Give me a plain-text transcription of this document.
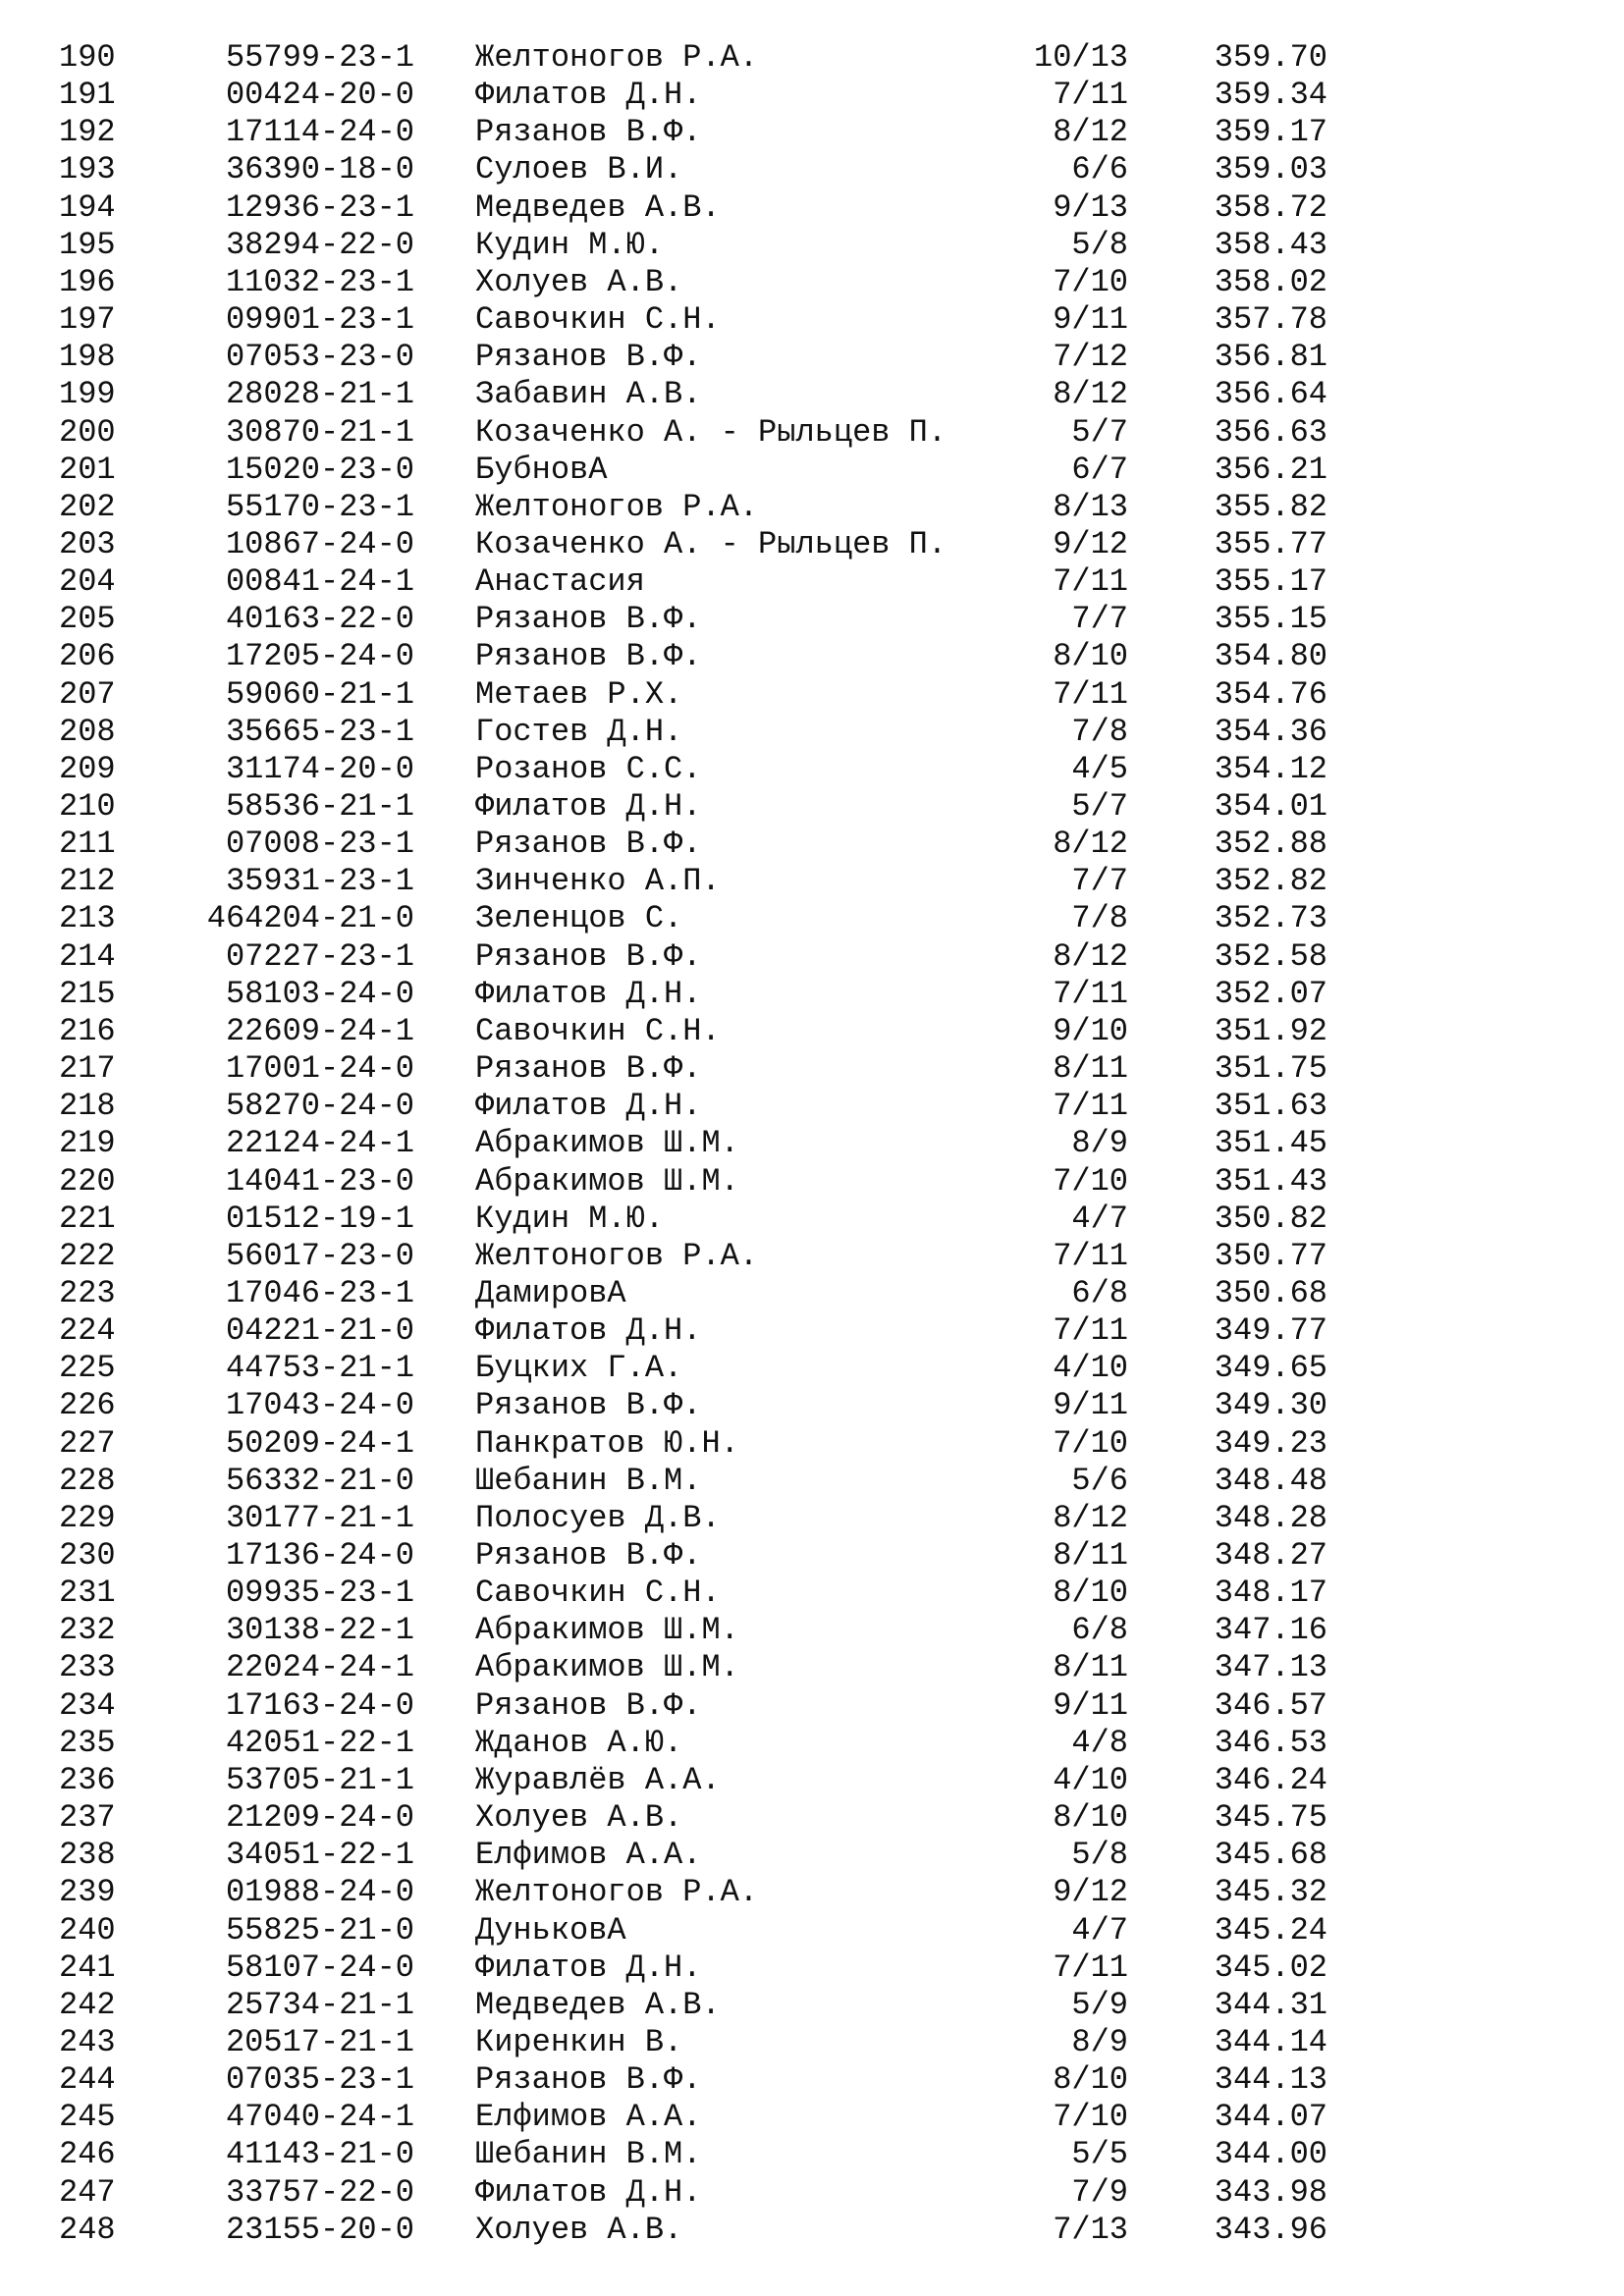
190	55799-23-1 Желтоногов Р.А.	10/13	359.70
191	00424-20-0 Филатов Д.Н.	7/11	359.34
192	17114-24-0 Рязанов В.Ф.	8/12	359.17
193	36390-18-0 Сулоев В.И.	6/6	359.03
194	12936-23-1 Медведев А.В.	9/13	358.72
195	38294-22-0 Кудин М.Ю.	5/8	358.43
196	11032-23-1 Холуев А.В.	7/10	358.02
197	09901-23-1 Савочкин С.Н.	9/11	357.78
198	07053-23-0 Рязанов В.Ф.	7/12	356.81
199	28028-21-1 Забавин А.В.	8/12	356.64
200	30870-21-1 Козаченко А. - Рыльцев П.	5/7	356.63
201	15020-23-0 БубновА	6/7	356.21
202	55170-23-1 Желтоногов Р.А.	8/13	355.82
203	10867-24-0 Козаченко А. - Рыльцев П.	9/12	355.77
204	00841-24-1 Анастасия	7/11	355.17
205	40163-22-0 Рязанов В.Ф.	7/7	355.15
206	17205-24-0 Рязанов В.Ф.	8/10	354.80
207	59060-21-1 Метаев Р.Х.	7/11	354.76
208	35665-23-1 Гостев Д.Н.	7/8	354.36
209	31174-20-0 Розанов С.С.	4/5	354.12
210	58536-21-1 Филатов Д.Н.	5/7	354.01
211	07008-23-1 Рязанов В.Ф.	8/12	352.88
212	35931-23-1 Зинченко А.П.	7/7	352.82
213	464204-21-0 Зеленцов С.	7/8	352.73
214	07227-23-1 Рязанов В.Ф.	8/12	352.58
215	58103-24-0 Филатов Д.Н.	7/11	352.07
216	22609-24-1 Савочкин С.Н.	9/10	351.92
217	17001-24-0 Рязанов В.Ф.	8/11	351.75
218	58270-24-0 Филатов Д.Н.	7/11	351.63
219	22124-24-1 Абракимов Ш.М.	8/9	351.45
220	14041-23-0 Абракимов Ш.М.	7/10	351.43
221	01512-19-1 Кудин М.Ю.	4/7	350.82
222	56017-23-0 Желтоногов Р.А.	7/11	350.77
223	17046-23-1 ДамировА	6/8	350.68
224	04221-21-0 Филатов Д.Н.	7/11	349.77
225	44753-21-1 Буцких Г.А.	4/10	349.65
226	17043-24-0 Рязанов В.Ф.	9/11	349.30
227	50209-24-1 Панкратов Ю.Н.	7/10	349.23
228	56332-21-0 Шебанин В.М.	5/6	348.48
229	30177-21-1 Полосуев Д.В.	8/12	348.28
230	17136-24-0 Рязанов В.Ф.	8/11	348.27
231	09935-23-1 Савочкин С.Н.	8/10	348.17
232	30138-22-1 Абракимов Ш.М.	6/8	347.16
233	22024-24-1 Абракимов Ш.М.	8/11	347.13
234	17163-24-0 Рязанов В.Ф.	9/11	346.57
235	42051-22-1 Жданов А.Ю.	4/8	346.53
236	53705-21-1 Журавлёв А.А.	4/10	346.24
237	21209-24-0 Холуев А.В.	8/10	345.75
238	34051-22-1 Елфимов А.А.	5/8	345.68
239	01988-24-0 Желтоногов Р.А.	9/12	345.32
240	55825-21-0 ДуньковА	4/7	345.24
241	58107-24-0 Филатов Д.Н.	7/11	345.02
242	25734-21-1 Медведев А.В.	5/9	344.31
243	20517-21-1 Киренкин В.	8/9	344.14
244	07035-23-1 Рязанов В.Ф.	8/10	344.13
245	47040-24-1 Елфимов А.А.	7/10	344.07
246	41143-21-0 Шебанин В.М.	5/5	344.00
247	33757-22-0 Филатов Д.Н.	7/9	343.98
248	23155-20-0 Холуев А.В.	7/13	343.96
